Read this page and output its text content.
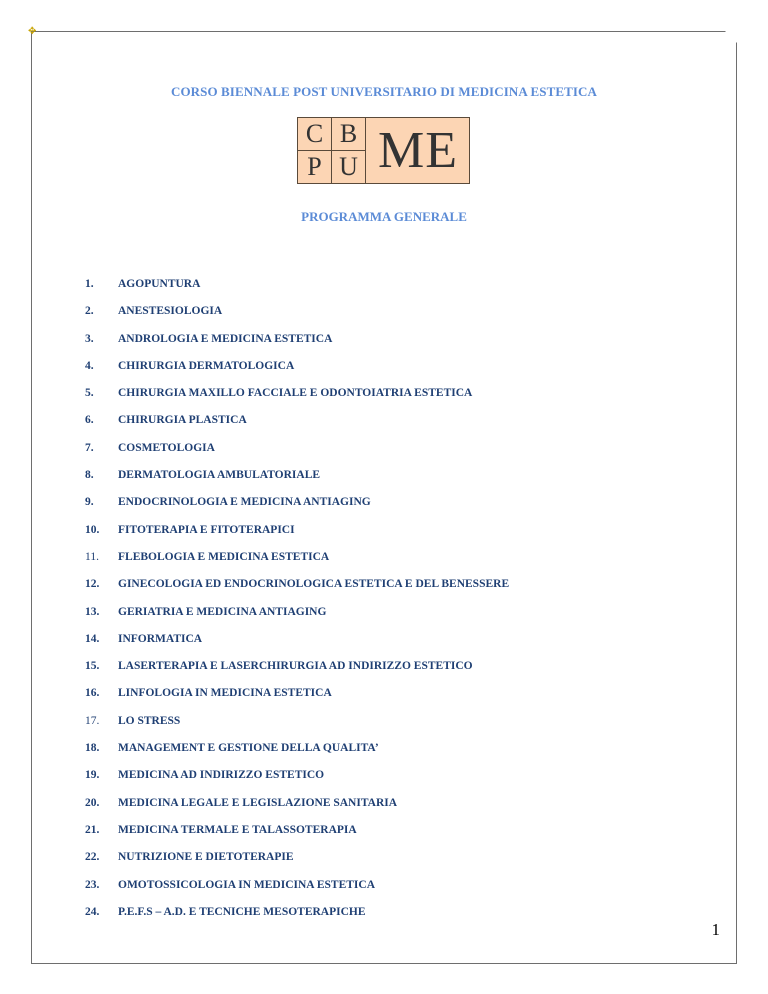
✥
CORSO BIENNALE POST UNIVERSITARIO DI MEDICINA ESTETICA
C B
P U ME
PROGRAMMA GENERALE
1. AGOPUNTURA
2. ANESTESIOLOGIA
3. ANDROLOGIA E MEDICINA ESTETICA
4. CHIRURGIA DERMATOLOGICA
5. CHIRURGIA MAXILLO FACCIALE E ODONTOIATRIA ESTETICA
6. CHIRURGIA PLASTICA
7. COSMETOLOGIA
8. DERMATOLOGIA AMBULATORIALE
9. ENDOCRINOLOGIA E MEDICINA ANTIAGING
10. FITOTERAPIA E FITOTERAPICI
11. FLEBOLOGIA E MEDICINA ESTETICA
12. GINECOLOGIA ED ENDOCRINOLOGICA ESTETICA E DEL BENESSERE
13. GERIATRIA E MEDICINA ANTIAGING
14. INFORMATICA
15. LASERTERAPIA E LASERCHIRURGIA AD INDIRIZZO ESTETICO
16. LINFOLOGIA IN MEDICINA ESTETICA
17. LO STRESS
18. MANAGEMENT E GESTIONE DELLA QUALITA’
19. MEDICINA AD INDIRIZZO ESTETICO
20. MEDICINA LEGALE E LEGISLAZIONE SANITARIA
21. MEDICINA TERMALE E TALASSOTERAPIA
22. NUTRIZIONE E DIETOTERAPIE
23. OMOTOSSICOLOGIA IN MEDICINA ESTETICA
24. P.E.F.S – A.D. E TECNICHE MESOTERAPICHE
1
